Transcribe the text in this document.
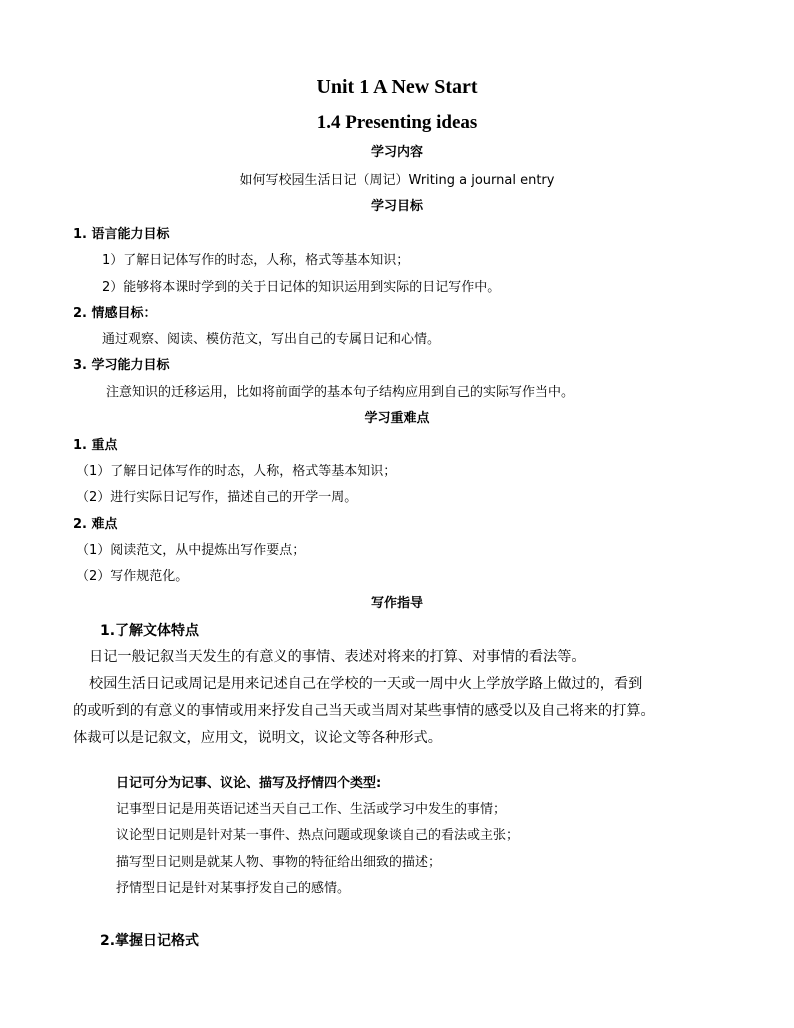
Unit 1 A New Start
1.4 Presenting ideas
学习内容
如何写校园生活日记（周记）Writing a journal entry
学习目标
1. 语言能力目标
1）了解日记体写作的时态，人称，格式等基本知识；
2）能够将本课时学到的关于日记体的知识运用到实际的日记写作中。
2. 情感目标：
通过观察、阅读、模仿范文，写出自己的专属日记和心情。
3. 学习能力目标
注意知识的迁移运用，比如将前面学的基本句子结构应用到自己的实际写作当中。
学习重难点
1. 重点
（1）了解日记体写作的时态，人称，格式等基本知识；
（2）进行实际日记写作，描述自己的开学一周。
2. 难点
（1）阅读范文，从中提炼出写作要点；
（2）写作规范化。
写作指导
1.了解文体特点
日记一般记叙当天发生的有意义的事情、表述对将来的打算、对事情的看法等。
校园生活日记或周记是用来记述自己在学校的一天或一周中火上学放学路上做过的，看到
的或听到的有意义的事情或用来抒发自己当天或当周对某些事情的感受以及自己将来的打算。
体裁可以是记叙文，应用文，说明文，议论文等各种形式。
日记可分为记事、议论、描写及抒情四个类型:
记事型日记是用英语记述当天自己工作、生活或学习中发生的事情；
议论型日记则是针对某一事件、热点问题或现象谈自己的看法或主张；
描写型日记则是就某人物、事物的特征给出细致的描述；
抒情型日记是针对某事抒发自己的感情。
2.掌握日记格式
